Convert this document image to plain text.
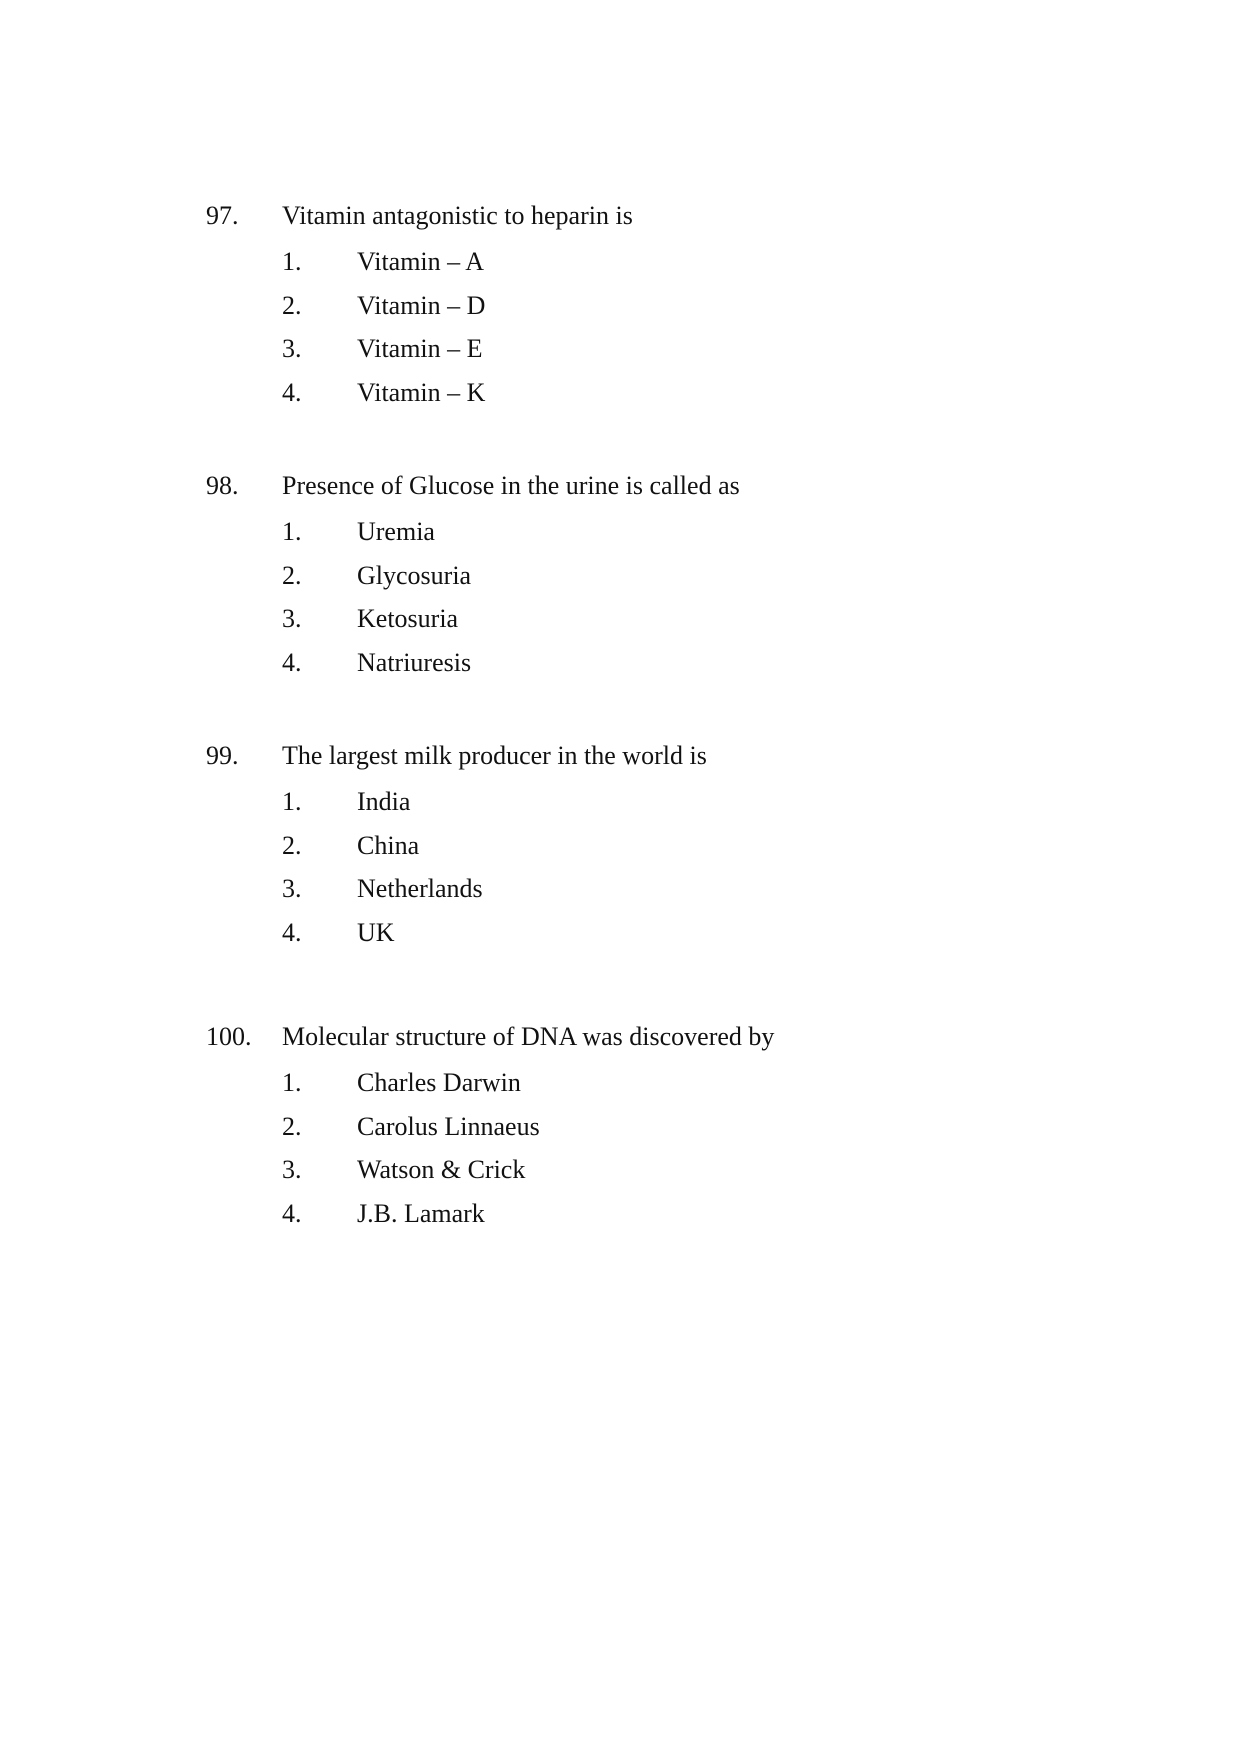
97. Vitamin antagonistic to heparin is
1. Vitamin – A
2. Vitamin – D
3. Vitamin – E
4. Vitamin – K
98. Presence of Glucose in the urine is called as
1. Uremia
2. Glycosuria
3. Ketosuria
4. Natriuresis
99. The largest milk producer in the world is
1. India
2. China
3. Netherlands
4. UK
100. Molecular structure of DNA was discovered by
1. Charles Darwin
2. Carolus Linnaeus
3. Watson & Crick
4. J.B. Lamark
